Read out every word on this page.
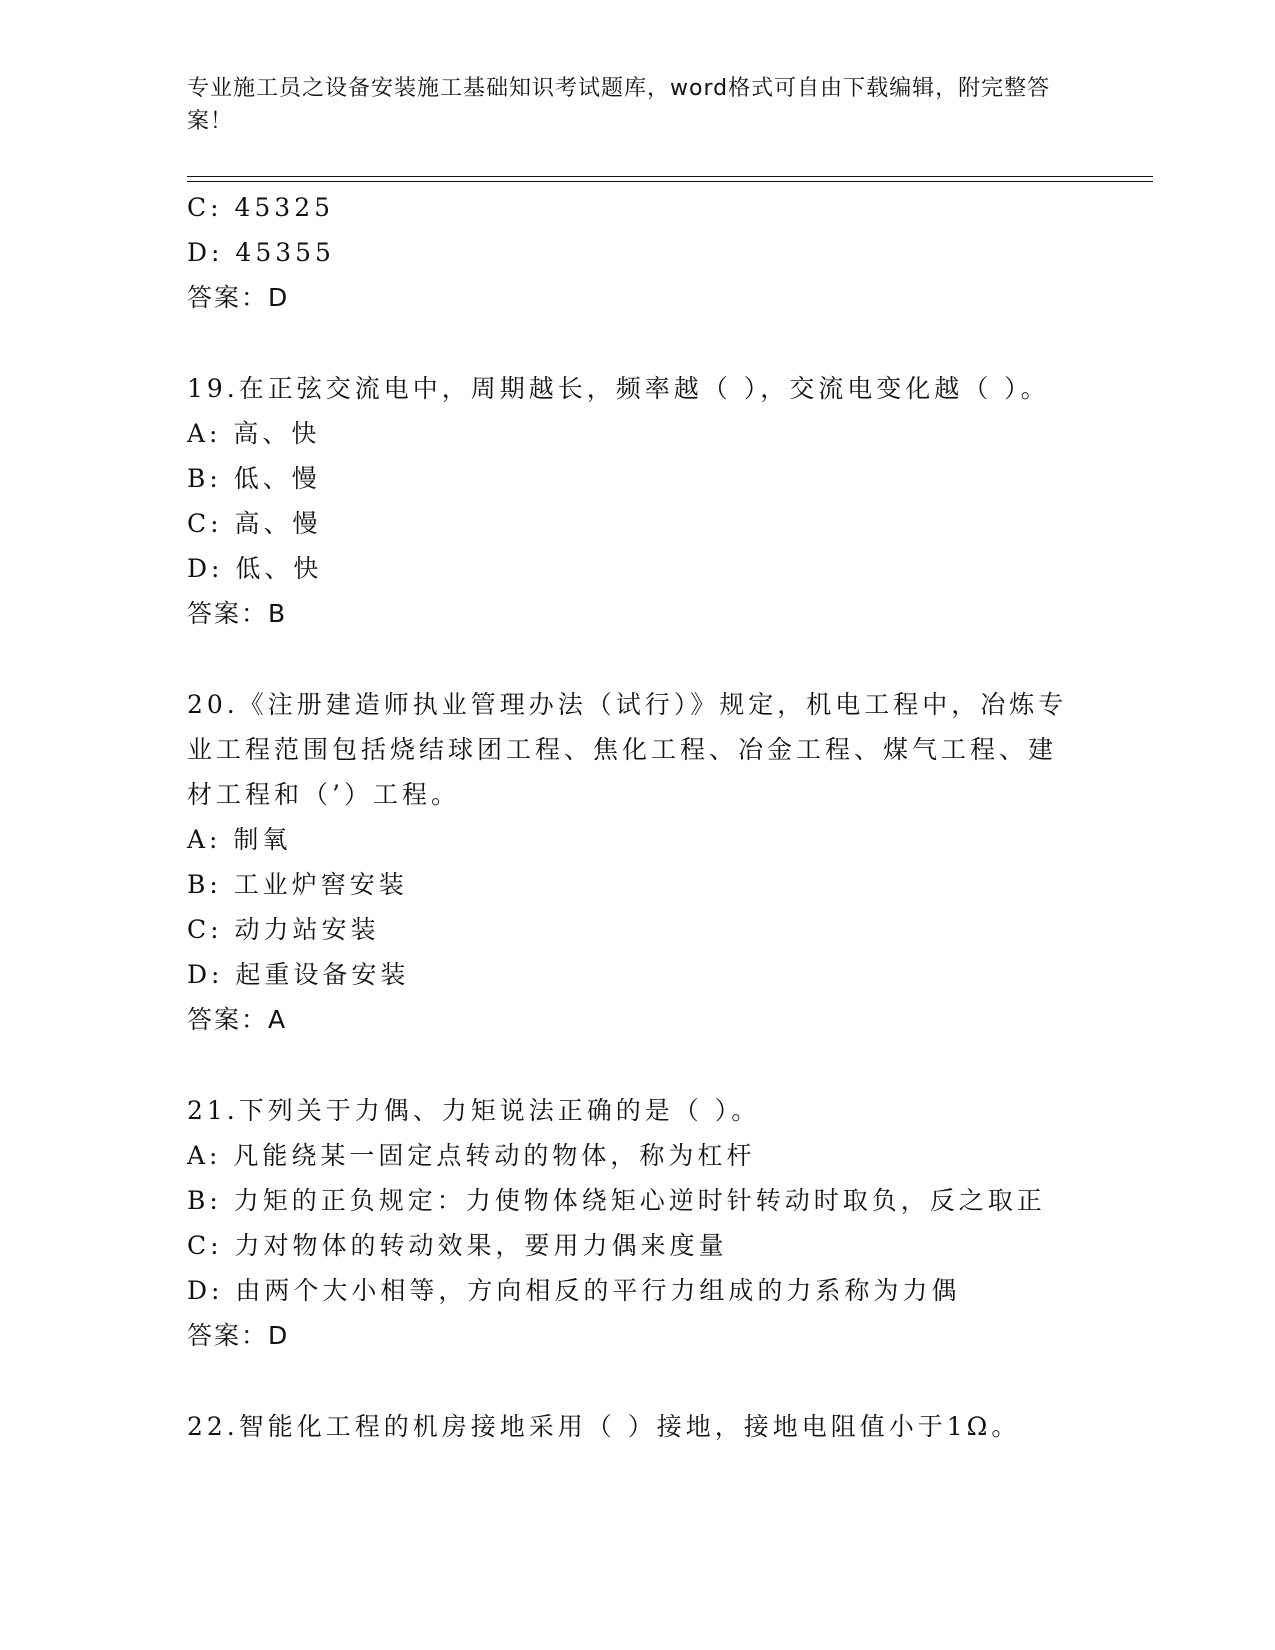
专业施工员之设备安装施工基础知识考试题库，word格式可自由下载编辑，附完整答案！
C: 45325
D: 45355
答案：D
19.在正弦交流电中，周期越长，频率越（ ），交流电变化越（ ）。
A: 高、快
B: 低、慢
C: 高、慢
D: 低、快
答案：B
20.《注册建造师执业管理办法（试行）》规定，机电工程中，冶炼专
业工程范围包括烧结球团工程、焦化工程、冶金工程、煤气工程、建
材工程和（’）工程。
A: 制氧
B: 工业炉窖安装
C: 动力站安装
D: 起重设备安装
答案：A
21.下列关于力偶、力矩说法正确的是（ ）。
A: 凡能绕某一固定点转动的物体，称为杠杆
B: 力矩的正负规定：力使物体绕矩心逆时针转动时取负，反之取正
C: 力对物体的转动效果，要用力偶来度量
D: 由两个大小相等，方向相反的平行力组成的力系称为力偶
答案：D
22.智能化工程的机房接地采用（ ）接地，接地电阻值小于1Ω。
